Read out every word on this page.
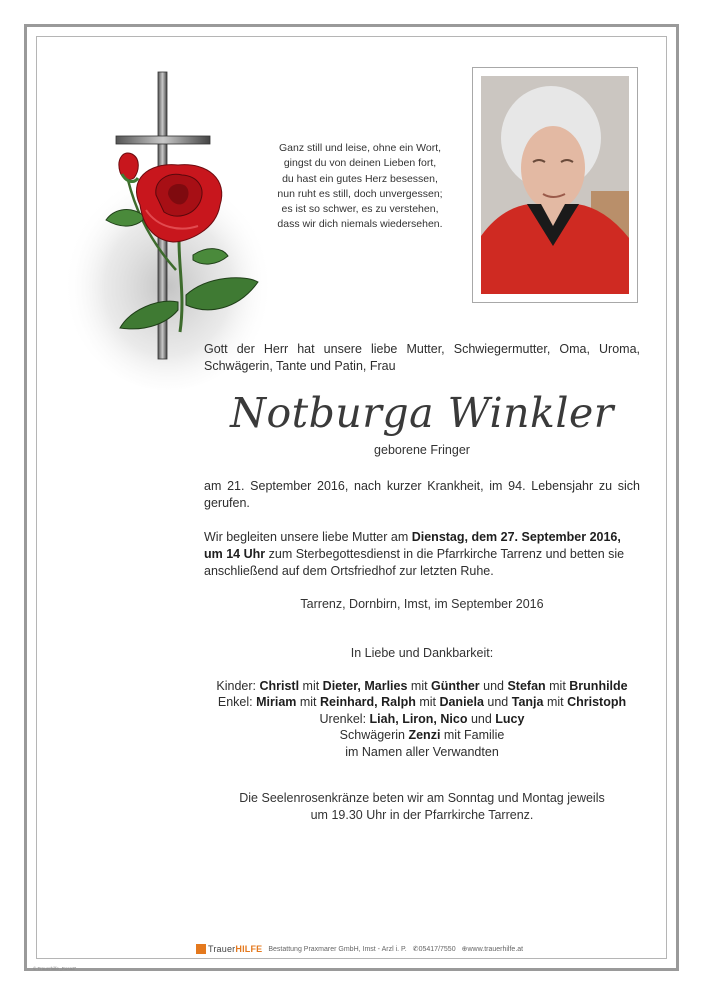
Ganz still und leise, ohne ein Wort,
gingst du von deinen Lieben fort,
du hast ein gutes Herz besessen,
nun ruht es still, doch unvergessen;
es ist so schwer, es zu verstehen,
dass wir dich niemals wiedersehen.
Gott der Herr hat unsere liebe Mutter, Schwiegermutter, Oma, Uroma, Schwägerin, Tante und Patin, Frau
Notburga Winkler
geborene Fringer
am 21. September 2016, nach kurzer Krankheit, im 94. Lebensjahr zu sich gerufen.
Wir begleiten unsere liebe Mutter am Dienstag, dem 27. September 2016, um 14 Uhr zum Sterbegottesdienst in die Pfarrkirche Tarrenz und betten sie anschließend auf dem Ortsfriedhof zur letzten Ruhe.
Tarrenz, Dornbirn, Imst, im September 2016
In Liebe und Dankbarkeit:
Kinder: Christl mit Dieter, Marlies mit Günther und Stefan mit Brunhilde
Enkel: Miriam mit Reinhard, Ralph mit Daniela und Tanja mit Christoph
Urenkel: Liah, Liron, Nico und Lucy
Schwägerin Zenzi mit Familie
im Namen aller Verwandten
Die Seelenrosenkränze beten wir am Sonntag und Montag jeweils
um 19.30 Uhr in der Pfarrkirche Tarrenz.
TrauerHILFE Bestattung Praxmarer GmbH, Imst - Arzl i. P. ✆ 05417/7550 ⊕ www.trauerhilfe.at
© Trauerhilfe „Rosa3"
